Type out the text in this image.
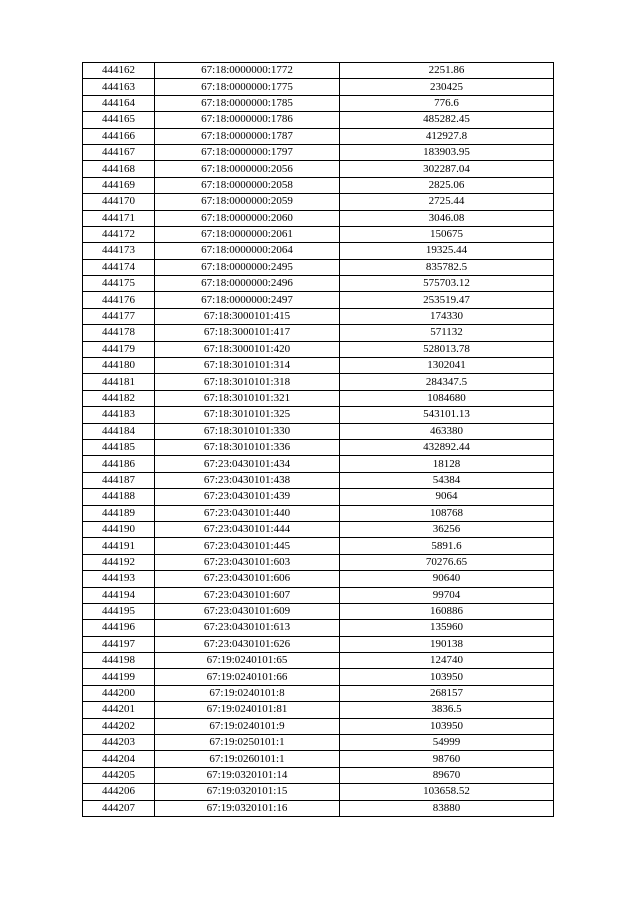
444162	67:18:0000000:1772	2251.86
444163	67:18:0000000:1775	230425
444164	67:18:0000000:1785	776.6
444165	67:18:0000000:1786	485282.45
444166	67:18:0000000:1787	412927.8
444167	67:18:0000000:1797	183903.95
444168	67:18:0000000:2056	302287.04
444169	67:18:0000000:2058	2825.06
444170	67:18:0000000:2059	2725.44
444171	67:18:0000000:2060	3046.08
444172	67:18:0000000:2061	150675
444173	67:18:0000000:2064	19325.44
444174	67:18:0000000:2495	835782.5
444175	67:18:0000000:2496	575703.12
444176	67:18:0000000:2497	253519.47
444177	67:18:3000101:415	174330
444178	67:18:3000101:417	571132
444179	67:18:3000101:420	528013.78
444180	67:18:3010101:314	1302041
444181	67:18:3010101:318	284347.5
444182	67:18:3010101:321	1084680
444183	67:18:3010101:325	543101.13
444184	67:18:3010101:330	463380
444185	67:18:3010101:336	432892.44
444186	67:23:0430101:434	18128
444187	67:23:0430101:438	54384
444188	67:23:0430101:439	9064
444189	67:23:0430101:440	108768
444190	67:23:0430101:444	36256
444191	67:23:0430101:445	5891.6
444192	67:23:0430101:603	70276.65
444193	67:23:0430101:606	90640
444194	67:23:0430101:607	99704
444195	67:23:0430101:609	160886
444196	67:23:0430101:613	135960
444197	67:23:0430101:626	190138
444198	67:19:0240101:65	124740
444199	67:19:0240101:66	103950
444200	67:19:0240101:8	268157
444201	67:19:0240101:81	3836.5
444202	67:19:0240101:9	103950
444203	67:19:0250101:1	54999
444204	67:19:0260101:1	98760
444205	67:19:0320101:14	89670
444206	67:19:0320101:15	103658.52
444207	67:19:0320101:16	83880
